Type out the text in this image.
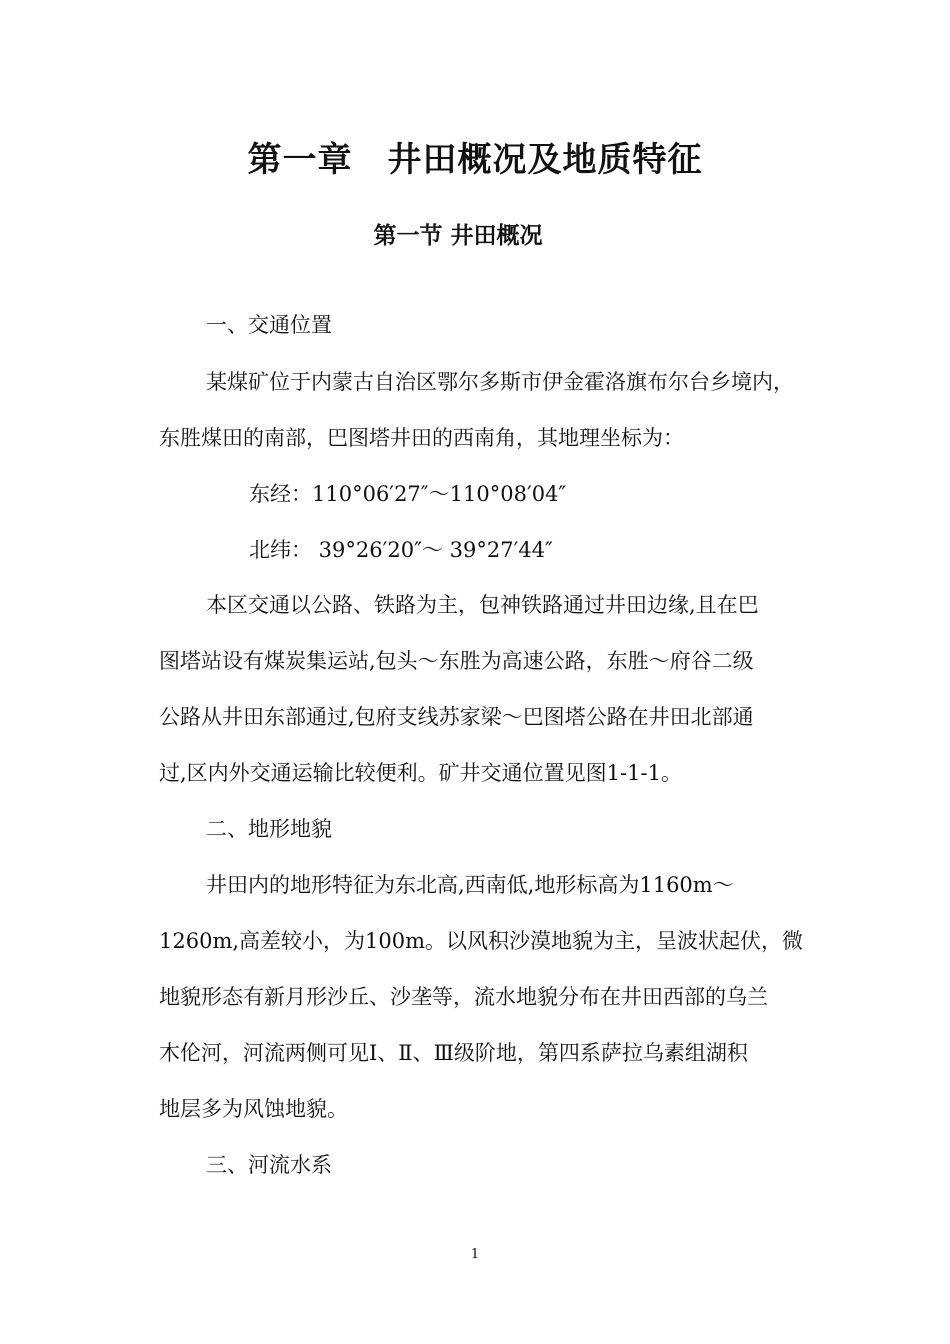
第一章　井田概况及地质特征
第一节 井田概况
一、交通位置
某煤矿位于内蒙古自治区鄂尔多斯市伊金霍洛旗布尔台乡境内，
东胜煤田的南部，巴图塔井田的西南角，其地理坐标为：
东经：110°06′27″～110°08′04″
北纬： 39°26′20″～ 39°27′44″
本区交通以公路、铁路为主，包神铁路通过井田边缘,且在巴
图塔站设有煤炭集运站,包头～东胜为高速公路，东胜～府谷二级
公路从井田东部通过,包府支线苏家梁～巴图塔公路在井田北部通
过,区内外交通运输比较便利。矿井交通位置见图1-1-1。
二、地形地貌
井田内的地形特征为东北高,西南低,地形标高为1160m～
1260m,高差较小，为100m。以风积沙漠地貌为主，呈波状起伏，微
地貌形态有新月形沙丘、沙垄等，流水地貌分布在井田西部的乌兰
木伦河，河流两侧可见Ⅰ、Ⅱ、Ⅲ级阶地，第四系萨拉乌素组湖积
地层多为风蚀地貌。
三、河流水系
1
